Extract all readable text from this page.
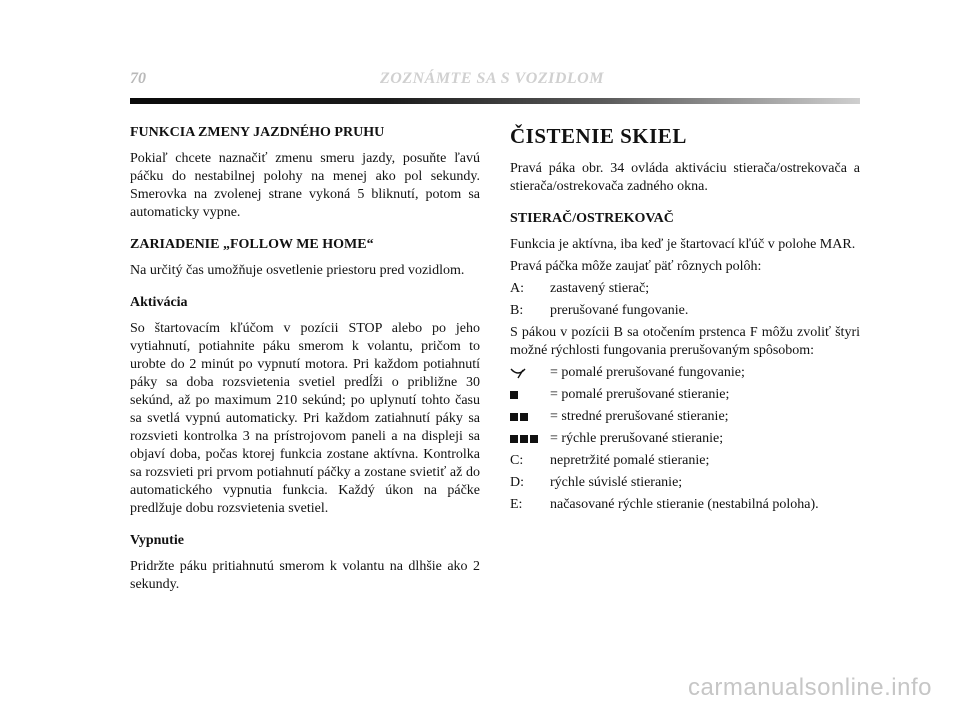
70	ZOZNÁMTE SA S VOZIDLOM
FUNKCIA ZMENY JAZDNÉHO PRUHU

Pokiaľ chcete naznačiť zmenu smeru jazdy, posuňte ľavú páčku do nestabilnej polohy na menej ako pol sekundy. Smerovka na zvolenej strane vykoná 5 bliknutí, potom sa automaticky vypne.

ZARIADENIE „FOLLOW ME HOME“

Na určitý čas umožňuje osvetlenie priestoru pred vozidlom.

Aktivácia

So štartovacím kľúčom v pozícii STOP alebo po jeho vytiahnutí, potiahnite páku smerom k volantu, pričom to urobte do 2 minút po vypnutí motora. Pri každom potiahnutí páky sa doba rozsvietenia svetiel predĺži o približne 30 sekúnd, až po maximum 210 sekúnd; po uplynutí tohto času sa svetlá vypnú automaticky. Pri každom zatiahnutí páky sa rozsvieti kontrolka 3 na prístrojovom paneli a na displeji sa objaví doba, počas ktorej funkcia zostane aktívna. Kontrolka sa rozsvieti pri prvom potiahnutí páčky a zostane svietiť až do automatického vypnutia funkcia. Každý úkon na páčke predlžuje dobu rozsvietenia svetiel.

Vypnutie

Pridržte páku pritiahnutú smerom k volantu na dlhšie ako 2 sekundy.

ČISTENIE SKIEL

Pravá páka obr. 34 ovláda aktiváciu stierača/ostrekovača a stierača/ostrekovača zadného okna.

STIERAČ/OSTREKOVAČ

Funkcia je aktívna, iba keď je štartovací kľúč v polohe MAR.

Pravá páčka môže zaujať päť rôznych polôh:

A:	zastavený stierač;
B:	prerušované fungovanie.

S pákou v pozícii B sa otočením prstenca F môžu zvoliť štyri možné rýchlosti fungovania prerušovaným spôsobom:

= pomalé prerušované fungovanie;
= pomalé prerušované stieranie;
= stredné prerušované stieranie;
= rýchle prerušované stieranie;
C:	nepretržité pomalé stieranie;
D:	rýchle súvislé stieranie;
E:	načasované rýchle stieranie (nestabilná poloha).
carmanualsonline.info
